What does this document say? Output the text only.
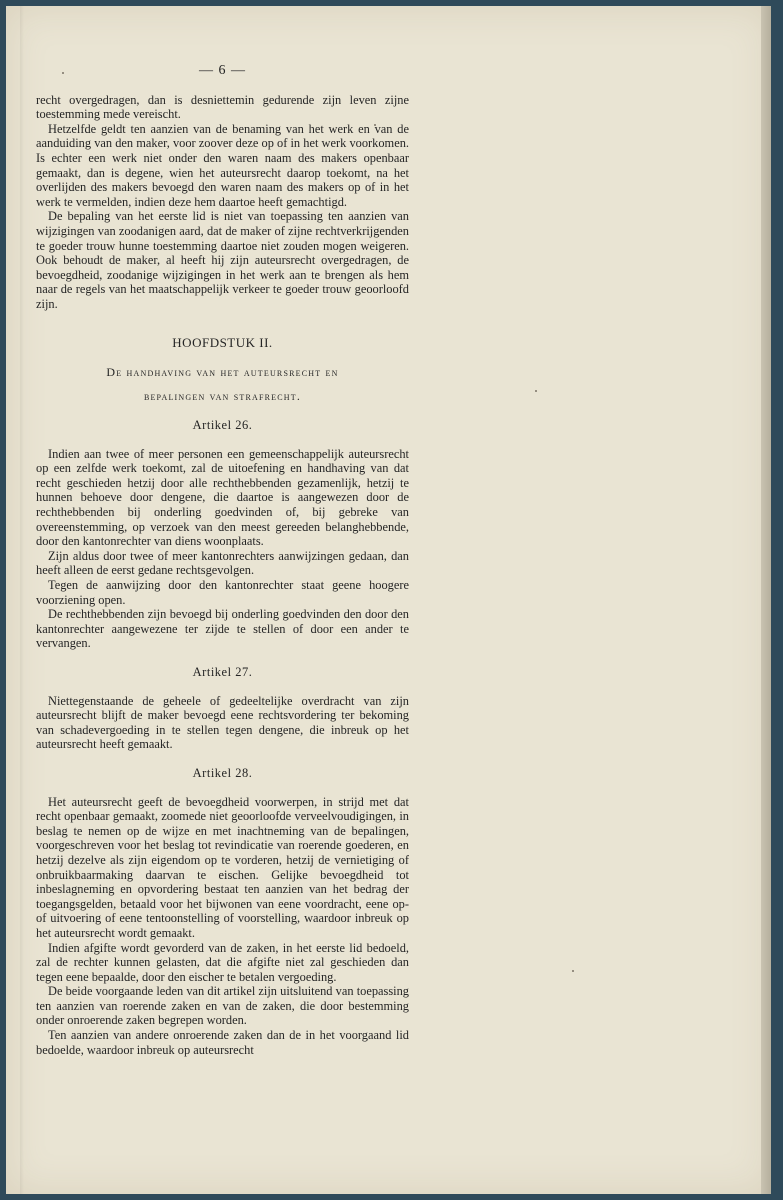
— 6 —

recht overgedragen, dan is desniettemin gedurende zijn leven zijne toestemming mede vereischt.

Hetzelfde geldt ten aanzien van de benaming van het werk en van de aanduiding van den maker, voor zoover deze op of in het werk voorkomen. Is echter een werk niet onder den waren naam des makers openbaar gemaakt, dan is degene, wien het auteursrecht daarop toekomt, na het overlijden des makers bevoegd den waren naam des makers op of in het werk te vermelden, indien deze hem daartoe heeft gemachtigd.

De bepaling van het eerste lid is niet van toepassing ten aanzien van wijzigingen van zoodanigen aard, dat de maker of zijne rechtverkrijgenden te goeder trouw hunne toestemming daartoe niet zouden mogen weigeren. Ook behoudt de maker, al heeft hij zijn auteursrecht overgedragen, de bevoegdheid, zoodanige wijzigingen in het werk aan te brengen als hem naar de regels van het maatschappelijk verkeer te goeder trouw geoorloofd zijn.

HOOFDSTUK II.
De handhaving van het auteursrecht en
bepalingen van strafrecht.
Artikel 26.

Indien aan twee of meer personen een gemeenschappelijk auteursrecht op een zelfde werk toekomt, zal de uitoefening en handhaving van dat recht geschieden hetzij door alle rechthebbenden gezamenlijk, hetzij te hunnen behoeve door dengene, die daartoe is aangewezen door de rechthebbenden bij onderling goedvinden of, bij gebreke van overeenstemming, op verzoek van den meest gereeden belanghebbende, door den kantonrechter van diens woonplaats.

Zijn aldus door twee of meer kantonrechters aanwijzingen gedaan, dan heeft alleen de eerst gedane rechtsgevolgen.

Tegen de aanwijzing door den kantonrechter staat geene hoogere voorziening open.

De rechthebbenden zijn bevoegd bij onderling goedvinden den door den kantonrechter aangewezene ter zijde te stellen of door een ander te vervangen.

Artikel 27.

Niettegenstaande de geheele of gedeeltelijke overdracht van zijn auteursrecht blijft de maker bevoegd eene rechtsvordering ter bekoming van schadevergoeding in te stellen tegen dengene, die inbreuk op het auteursrecht heeft gemaakt.

Artikel 28.

Het auteursrecht geeft de bevoegdheid voorwerpen, in strijd met dat recht openbaar gemaakt, zoomede niet geoorloofde verveelvoudigingen, in beslag te nemen op de wijze en met inachtneming van de bepalingen, voorgeschreven voor het beslag tot revindicatie van roerende goederen, en hetzij dezelve als zijn eigendom op te vorderen, hetzij de vernietiging of onbruikbaarmaking daarvan te eischen. Gelijke bevoegdheid tot inbeslagneming en opvordering bestaat ten aanzien van het bedrag der toegangsgelden, betaald voor het bijwonen van eene voordracht, eene op- of uitvoering of eene tentoonstelling of voorstelling, waardoor inbreuk op het auteursrecht wordt gemaakt.

Indien afgifte wordt gevorderd van de zaken, in het eerste lid bedoeld, zal de rechter kunnen gelasten, dat die afgifte niet zal geschieden dan tegen eene bepaalde, door den eischer te betalen vergoeding.

De beide voorgaande leden van dit artikel zijn uitsluitend van toepassing ten aanzien van roerende zaken en van de zaken, die door bestemming onder onroerende zaken begrepen worden.

Ten aanzien van andere onroerende zaken dan de in het voorgaand lid bedoelde, waardoor inbreuk op auteursrecht
